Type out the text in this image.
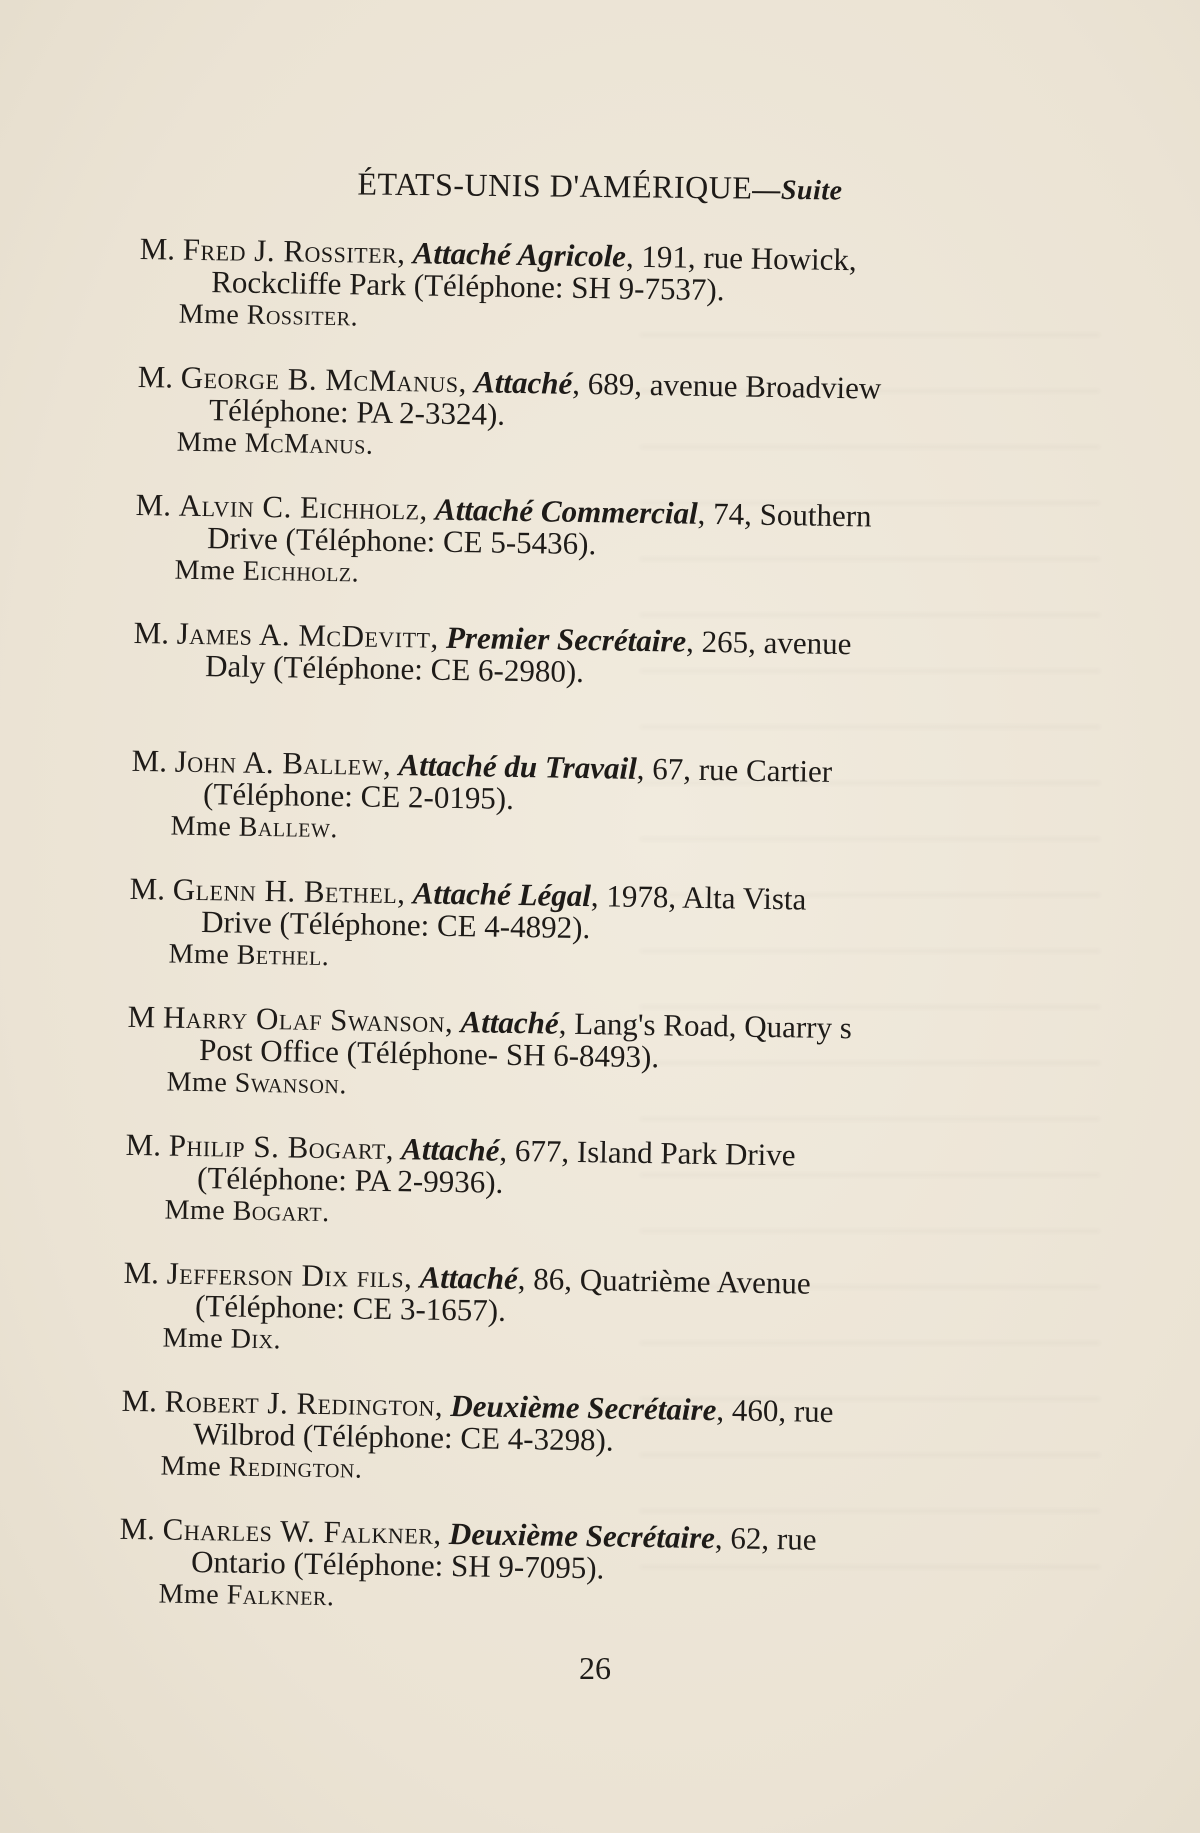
ÉTATS-UNIS D'AMÉRIQUE—Suite
M. Fred J. Rossiter, Attaché Agricole, 191, rue Howick,
Rockcliffe Park (Téléphone: SH 9-7537).
Mme Rossiter.
M. George B. McManus, Attaché, 689, avenue Broadview
Téléphone: PA 2-3324).
Mme McManus.
M. Alvin C. Eichholz, Attaché Commercial, 74, Southern
Drive (Téléphone: CE 5-5436).
Mme Eichholz.
M. James A. McDevitt, Premier Secrétaire, 265, avenue
Daly (Téléphone: CE 6-2980).
M. John A. Ballew, Attaché du Travail, 67, rue Cartier
(Téléphone: CE 2-0195).
Mme Ballew.
M. Glenn H. Bethel, Attaché Légal, 1978, Alta Vista
Drive (Téléphone: CE 4-4892).
Mme Bethel.
M Harry Olaf Swanson, Attaché, Lang's Road, Quarry s
Post Office (Téléphone- SH 6-8493).
Mme Swanson.
M. Philip S. Bogart, Attaché, 677, Island Park Drive
(Téléphone: PA 2-9936).
Mme Bogart.
M. Jefferson Dix fils, Attaché, 86, Quatrième Avenue
(Téléphone: CE 3-1657).
Mme Dix.
M. Robert J. Redington, Deuxième Secrétaire, 460, rue
Wilbrod (Téléphone: CE 4-3298).
Mme Redington.
M. Charles W. Falkner, Deuxième Secrétaire, 62, rue
Ontario (Téléphone: SH 9-7095).
Mme Falkner.
26
